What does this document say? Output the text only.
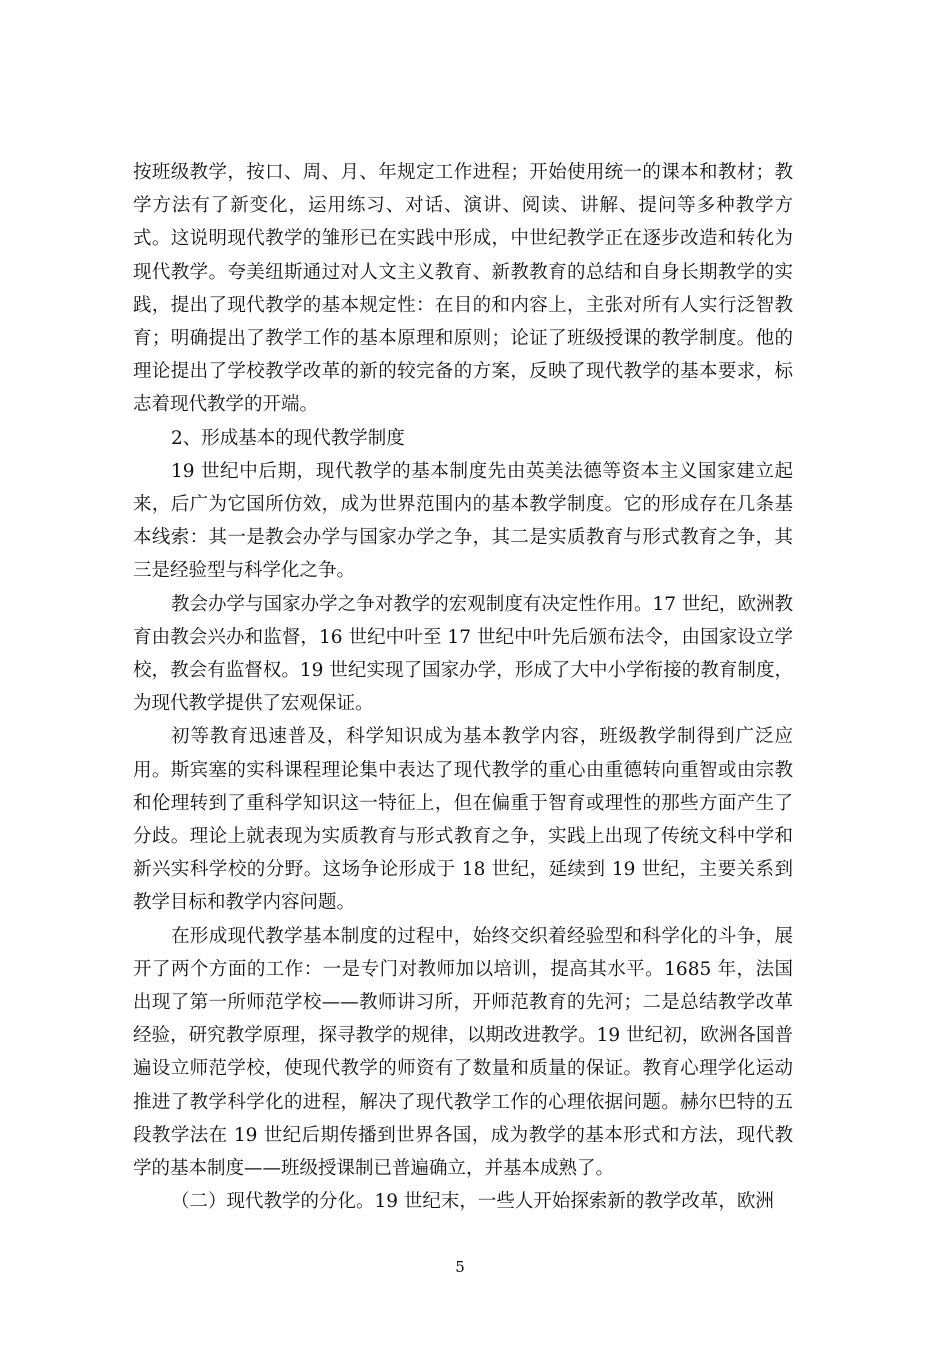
按班级教学，按口、周、月、年规定工作进程；开始使用统一的课本和教材；教学方法有了新变化，运用练习、对话、演讲、阅读、讲解、提问等多种教学方式。这说明现代教学的雏形已在实践中形成，中世纪教学正在逐步改造和转化为现代教学。夸美纽斯通过对人文主义教育、新教教育的总结和自身长期教学的实践，提出了现代教学的基本规定性：在目的和内容上，主张对所有人实行泛智教育；明确提出了教学工作的基本原理和原则；论证了班级授课的教学制度。他的理论提出了学校教学改革的新的较完备的方案，反映了现代教学的基本要求，标志着现代教学的开端。

2、形成基本的现代教学制度

19 世纪中后期，现代教学的基本制度先由英美法德等资本主义国家建立起来，后广为它国所仿效，成为世界范围内的基本教学制度。它的形成存在几条基本线索：其一是教会办学与国家办学之争，其二是实质教育与形式教育之争，其三是经验型与科学化之争。

教会办学与国家办学之争对教学的宏观制度有决定性作用。17 世纪，欧洲教育由教会兴办和监督，16 世纪中叶至 17 世纪中叶先后颁布法令，由国家设立学校，教会有监督权。19 世纪实现了国家办学，形成了大中小学衔接的教育制度，为现代教学提供了宏观保证。

初等教育迅速普及，科学知识成为基本教学内容，班级教学制得到广泛应用。斯宾塞的实科课程理论集中表达了现代教学的重心由重德转向重智或由宗教和伦理转到了重科学知识这一特征上，但在偏重于智育或理性的那些方面产生了分歧。理论上就表现为实质教育与形式教育之争，实践上出现了传统文科中学和新兴实科学校的分野。这场争论形成于 18 世纪，延续到 19 世纪，主要关系到教学目标和教学内容问题。

在形成现代教学基本制度的过程中，始终交织着经验型和科学化的斗争，展开了两个方面的工作：一是专门对教师加以培训，提高其水平。1685 年，法国出现了第一所师范学校——教师讲习所，开师范教育的先河；二是总结教学改革经验，研究教学原理，探寻教学的规律，以期改进教学。19 世纪初，欧洲各国普遍设立师范学校，使现代教学的师资有了数量和质量的保证。教育心理学化运动推进了教学科学化的进程，解决了现代教学工作的心理依据问题。赫尔巴特的五段教学法在 19 世纪后期传播到世界各国，成为教学的基本形式和方法，现代教学的基本制度——班级授课制已普遍确立，并基本成熟了。

（二）现代教学的分化。19 世纪末，一些人开始探索新的教学改革，欧洲

5
